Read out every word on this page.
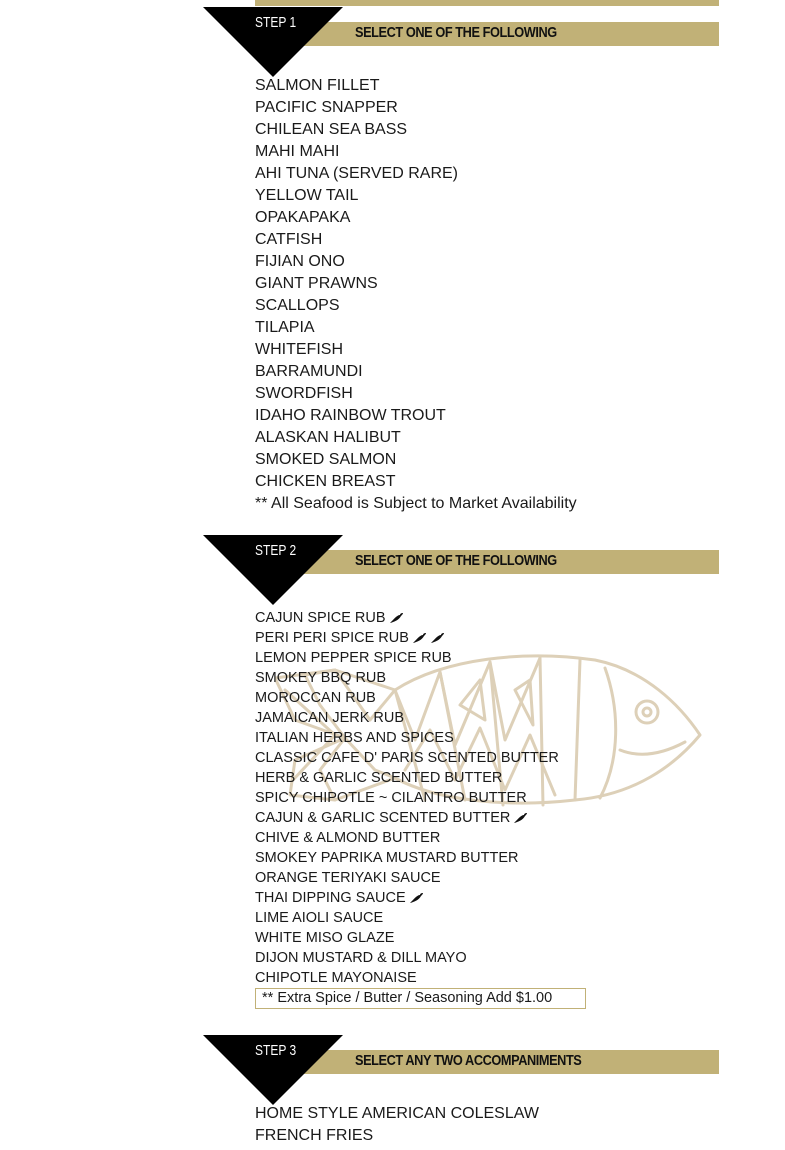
SELECT ONE OF THE FOLLOWING
STEP 1
SALMON FILLET
PACIFIC SNAPPER
CHILEAN SEA BASS
MAHI MAHI
AHI TUNA (SERVED RARE)
YELLOW TAIL
OPAKAPAKA
CATFISH
FIJIAN ONO
GIANT PRAWNS
SCALLOPS
TILAPIA
WHITEFISH
BARRAMUNDI
SWORDFISH
IDAHO RAINBOW TROUT
ALASKAN HALIBUT
SMOKED SALMON
CHICKEN BREAST
** All Seafood is Subject to Market Availability
SELECT ONE OF THE FOLLOWING
STEP 2
CAJUN SPICE RUB
PERI PERI SPICE RUB
LEMON PEPPER SPICE RUB
SMOKEY BBQ RUB
MOROCCAN RUB
JAMAICAN JERK RUB
ITALIAN HERBS AND SPICES
CLASSIC CAFE D' PARIS SCENTED BUTTER
HERB & GARLIC SCENTED BUTTER
SPICY CHIPOTLE ~ CILANTRO BUTTER
CAJUN & GARLIC SCENTED BUTTER
CHIVE & ALMOND BUTTER
SMOKEY PAPRIKA MUSTARD BUTTER
ORANGE TERIYAKI SAUCE
THAI DIPPING SAUCE
LIME AIOLI SAUCE
WHITE MISO GLAZE
DIJON MUSTARD & DILL MAYO
CHIPOTLE MAYONAISE
** Extra Spice / Butter / Seasoning Add $1.00
SELECT ANY TWO ACCOMPANIMENTS
STEP 3
HOME STYLE AMERICAN COLESLAW
FRENCH FRIES
